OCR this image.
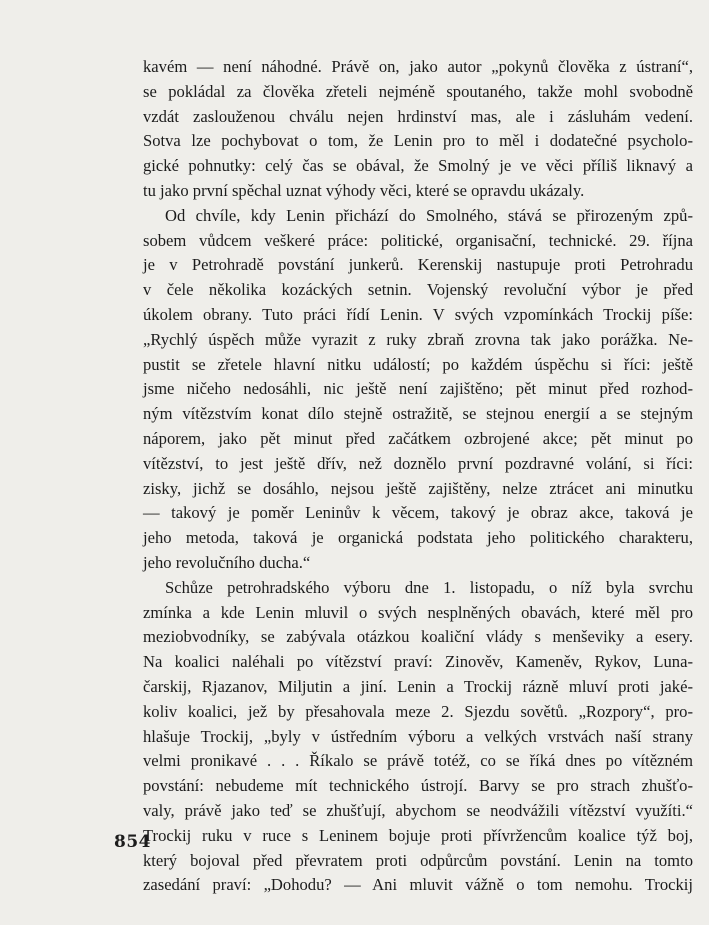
kavém — není náhodné. Právě on, jako autor „pokynů člověka z ústraní“,
se pokládal za člověka zřeteli nejméně spoutaného, takže mohl svobodně
vzdát zaslouženou chválu nejen hrdinství mas, ale i zásluhám vedení.
Sotva lze pochybovat o tom, že Lenin pro to měl i dodatečné psycholo-
gické pohnutky: celý čas se obával, že Smolný je ve věci příliš liknavý a
tu jako první spěchal uznat výhody věci, které se opravdu ukázaly.
Od chvíle, kdy Lenin přichází do Smolného, stává se přirozeným způ-
sobem vůdcem veškeré práce: politické, organisační, technické. 29. října
je v Petrohradě povstání junkerů. Kerenskij nastupuje proti Petrohradu
v čele několika kozáckých setnin. Vojenský revoluční výbor je před
úkolem obrany. Tuto práci řídí Lenin. V svých vzpomínkách Trockij píše:
„Rychlý úspěch může vyrazit z ruky zbraň zrovna tak jako porážka. Ne-
pustit se zřetele hlavní nitku událostí; po každém úspěchu si říci: ještě
jsme ničeho nedosáhli, nic ještě není zajištěno; pět minut před rozhod-
ným vítězstvím konat dílo stejně ostražitě, se stejnou energií a se stejným
náporem, jako pět minut před začátkem ozbrojené akce; pět minut po
vítězství, to jest ještě dřív, než doznělo první pozdravné volání, si říci:
zisky, jichž se dosáhlo, nejsou ještě zajištěny, nelze ztrácet ani minutku
— takový je poměr Leninův k věcem, takový je obraz akce, taková je
jeho metoda, taková je organická podstata jeho politického charakteru,
jeho revolučního ducha.“
Schůze petrohradského výboru dne 1. listopadu, o níž byla svrchu
zmínka a kde Lenin mluvil o svých nesplněných obavách, které měl pro
meziobvodníky, se zabývala otázkou koaliční vlády s menševiky a esery.
Na koalici naléhali po vítězství praví: Zinověv, Kameněv, Rykov, Luna-
čarskij, Rjazanov, Miljutin a jiní. Lenin a Trockij rázně mluví proti jaké-
koliv koalici, jež by přesahovala meze 2. Sjezdu sovětů. „Rozpory“, pro-
hlašuje Trockij, „byly v ústředním výboru a velkých vrstvách naší strany
velmi pronikavé . . . Říkalo se právě totéž, co se říká dnes po vítězném
povstání: nebudeme mít technického ústrojí. Barvy se pro strach zhušťo-
valy, právě jako teď se zhušťují, abychom se neodvážili vítězství využíti.“
Trockij ruku v ruce s Leninem bojuje proti přívržencům koalice týž boj,
který bojoval před převratem proti odpůrcům povstání. Lenin na tomto
zasedání praví: „Dohodu? — Ani mluvit vážně o tom nemohu. Trockij
854
